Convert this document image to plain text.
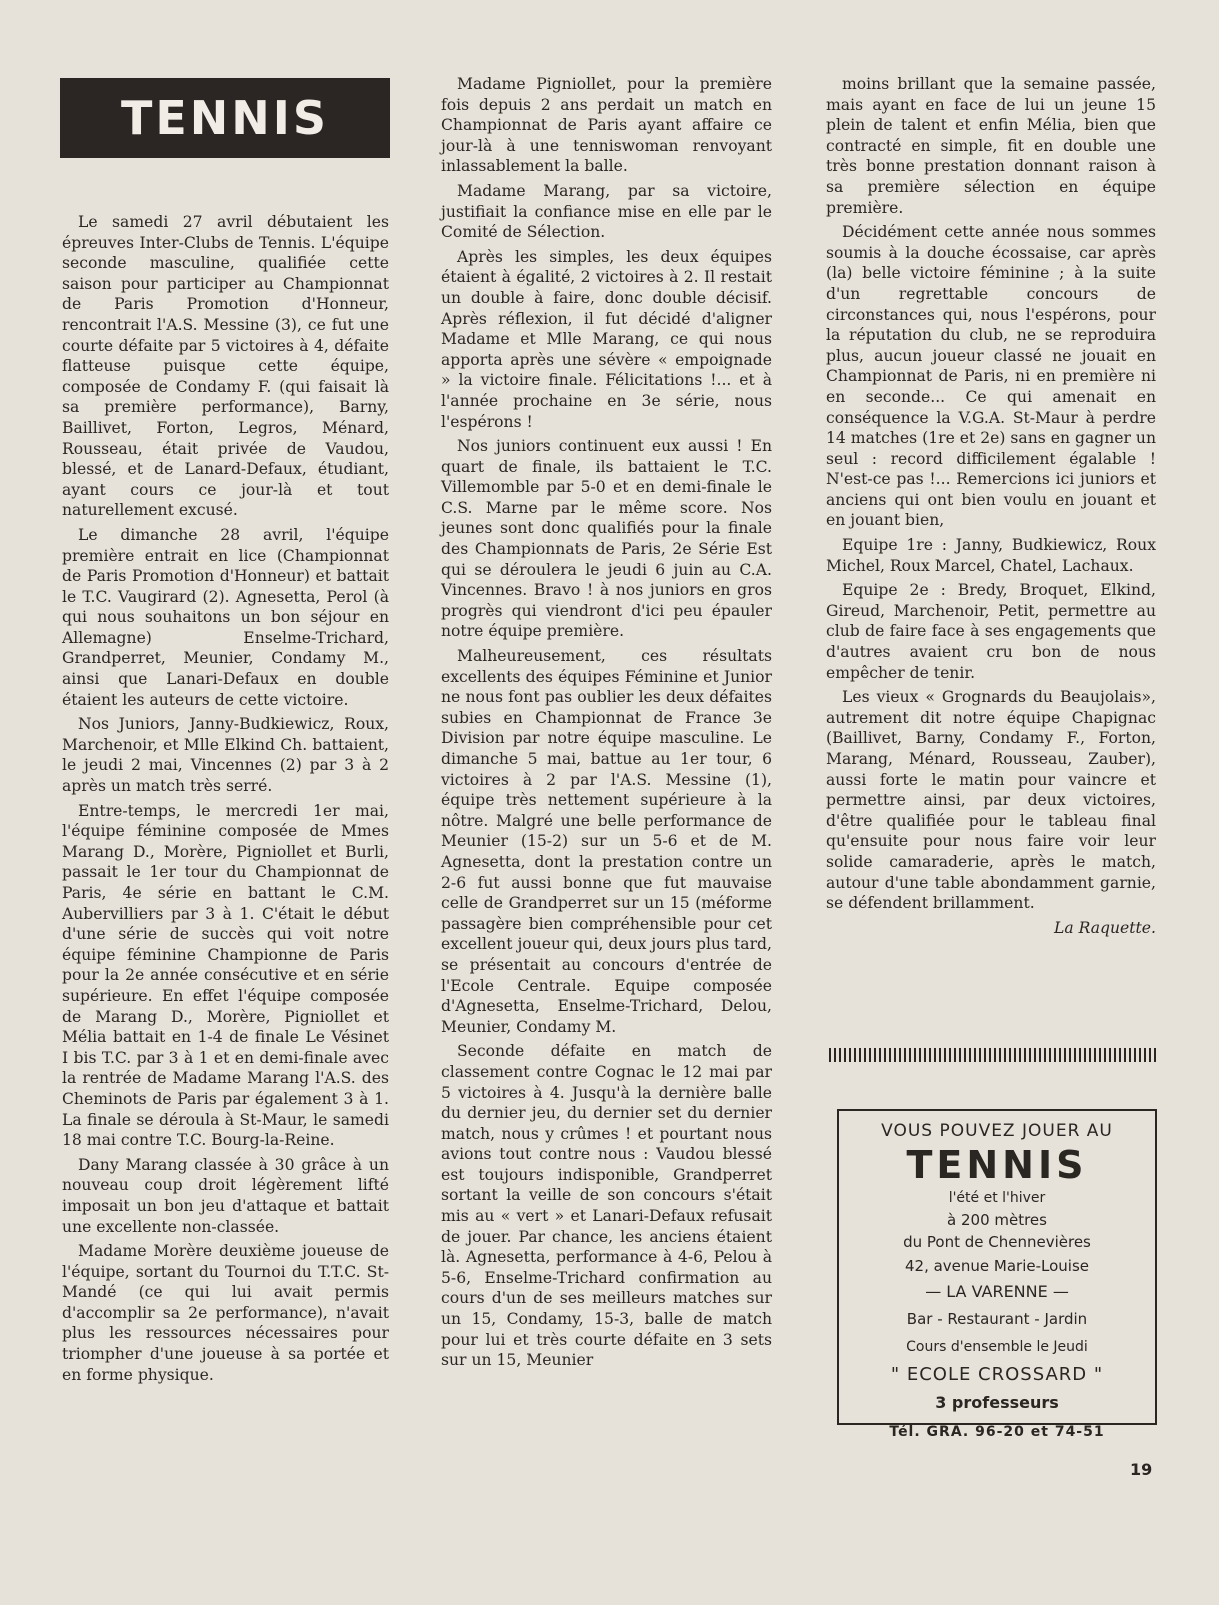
TENNIS

Le samedi 27 avril débutaient les épreuves Inter-Clubs de Tennis. L'équipe seconde masculine, qualifiée cette saison pour participer au Championnat de Paris Promotion d'Honneur, rencontrait l'A.S. Messine (3), ce fut une courte défaite par 5 victoires à 4, défaite flatteuse puisque cette équipe, composée de Condamy F. (qui faisait là sa première performance), Barny, Baillivet, Forton, Legros, Ménard, Rousseau, était privée de Vaudou, blessé, et de Lanard-Defaux, étudiant, ayant cours ce jour-là et tout naturellement excusé.

Le dimanche 28 avril, l'équipe première entrait en lice (Championnat de Paris Promotion d'Honneur) et battait le T.C. Vaugirard (2). Agnesetta, Perol (à qui nous souhaitons un bon séjour en Allemagne) Enselme-Trichard, Grandperret, Meunier, Condamy M., ainsi que Lanari-Defaux en double étaient les auteurs de cette victoire.

Nos Juniors, Janny-Budkiewicz, Roux, Marchenoir, et Mlle Elkind Ch. battaient, le jeudi 2 mai, Vincennes (2) par 3 à 2 après un match très serré.

Entre-temps, le mercredi 1er mai, l'équipe féminine composée de Mmes Marang D., Morère, Pigniollet et Burli, passait le 1er tour du Championnat de Paris, 4e série en battant le C.M. Aubervilliers par 3 à 1. C'était le début d'une série de succès qui voit notre équipe féminine Championne de Paris pour la 2e année consécutive et en série supérieure. En effet l'équipe composée de Marang D., Morère, Pigniollet et Mélia battait en 1-4 de finale Le Vésinet I bis T.C. par 3 à 1 et en demi-finale avec la rentrée de Madame Marang l'A.S. des Cheminots de Paris par également 3 à 1. La finale se déroula à St-Maur, le samedi 18 mai contre T.C. Bourg-la-Reine.

Dany Marang classée à 30 grâce à un nouveau coup droit légèrement lifté imposait un bon jeu d'attaque et battait une excellente non-classée.

Madame Morère deuxième joueuse de l'équipe, sortant du Tournoi du T.T.C. St-Mandé (ce qui lui avait permis d'accomplir sa 2e performance), n'avait plus les ressources nécessaires pour triompher d'une joueuse à sa portée et en forme physique.

Madame Pigniollet, pour la première fois depuis 2 ans perdait un match en Championnat de Paris ayant affaire ce jour-là à une tenniswoman renvoyant inlassablement la balle.

Madame Marang, par sa victoire, justifiait la confiance mise en elle par le Comité de Sélection.

Après les simples, les deux équipes étaient à égalité, 2 victoires à 2. Il restait un double à faire, donc double décisif. Après réflexion, il fut décidé d'aligner Madame et Mlle Marang, ce qui nous apporta après une sévère « empoignade » la victoire finale. Félicitations !... et à l'année prochaine en 3e série, nous l'espérons !

Nos juniors continuent eux aussi ! En quart de finale, ils battaient le T.C. Villemomble par 5-0 et en demi-finale le C.S. Marne par le même score. Nos jeunes sont donc qualifiés pour la finale des Championnats de Paris, 2e Série Est qui se déroulera le jeudi 6 juin au C.A. Vincennes. Bravo ! à nos juniors en gros progrès qui viendront d'ici peu épauler notre équipe première.

Malheureusement, ces résultats excellents des équipes Féminine et Junior ne nous font pas oublier les deux défaites subies en Championnat de France 3e Division par notre équipe masculine. Le dimanche 5 mai, battue au 1er tour, 6 victoires à 2 par l'A.S. Messine (1), équipe très nettement supérieure à la nôtre. Malgré une belle performance de Meunier (15-2) sur un 5-6 et de M. Agnesetta, dont la prestation contre un 2-6 fut aussi bonne que fut mauvaise celle de Grandperret sur un 15 (méforme passagère bien compréhensible pour cet excellent joueur qui, deux jours plus tard, se présentait au concours d'entrée de l'Ecole Centrale. Equipe composée d'Agnesetta, Enselme-Trichard, Delou, Meunier, Condamy M.

Seconde défaite en match de classement contre Cognac le 12 mai par 5 victoires à 4. Jusqu'à la dernière balle du dernier jeu, du dernier set du dernier match, nous y crûmes ! et pourtant nous avions tout contre nous : Vaudou blessé est toujours indisponible, Grandperret sortant la veille de son concours s'était mis au « vert » et Lanari-Defaux refusait de jouer. Par chance, les anciens étaient là. Agnesetta, performance à 4-6, Pelou à 5-6, Enselme-Trichard confirmation au cours d'un de ses meilleurs matches sur un 15, Condamy, 15-3, balle de match pour lui et très courte défaite en 3 sets sur un 15, Meunier

moins brillant que la semaine passée, mais ayant en face de lui un jeune 15 plein de talent et enfin Mélia, bien que contracté en simple, fit en double une très bonne prestation donnant raison à sa première sélection en équipe première.

Décidément cette année nous sommes soumis à la douche écossaise, car après (la) belle victoire féminine ; à la suite d'un regrettable concours de circonstances qui, nous l'espérons, pour la réputation du club, ne se reproduira plus, aucun joueur classé ne jouait en Championnat de Paris, ni en première ni en seconde... Ce qui amenait en conséquence la V.G.A. St-Maur à perdre 14 matches (1re et 2e) sans en gagner un seul : record difficilement égalable ! N'est-ce pas !... Remercions ici juniors et anciens qui ont bien voulu en jouant et en jouant bien,

Equipe 1re : Janny, Budkiewicz, Roux Michel, Roux Marcel, Chatel, Lachaux.

Equipe 2e : Bredy, Broquet, Elkind, Gireud, Marchenoir, Petit, permettre au club de faire face à ses engagements que d'autres avaient cru bon de nous empêcher de tenir.

Les vieux « Grognards du Beaujolais», autrement dit notre équipe Chapignac (Baillivet, Barny, Condamy F., Forton, Marang, Ménard, Rousseau, Zauber), aussi forte le matin pour vaincre et permettre ainsi, par deux victoires, d'être qualifiée pour le tableau final qu'ensuite pour nous faire voir leur solide camaraderie, après le match, autour d'une table abondamment garnie, se défendent brillamment.

La Raquette.
VOUS POUVEZ JOUER AU
TENNIS
l'été et l'hiver
à 200 mètres
du Pont de Chennevières
42, avenue Marie-Louise
— LA VARENNE —
Bar - Restaurant - Jardin
Cours d'ensemble le Jeudi
" ECOLE CROSSARD "
3 professeurs
Tél. GRA. 96-20 et 74-51
19
